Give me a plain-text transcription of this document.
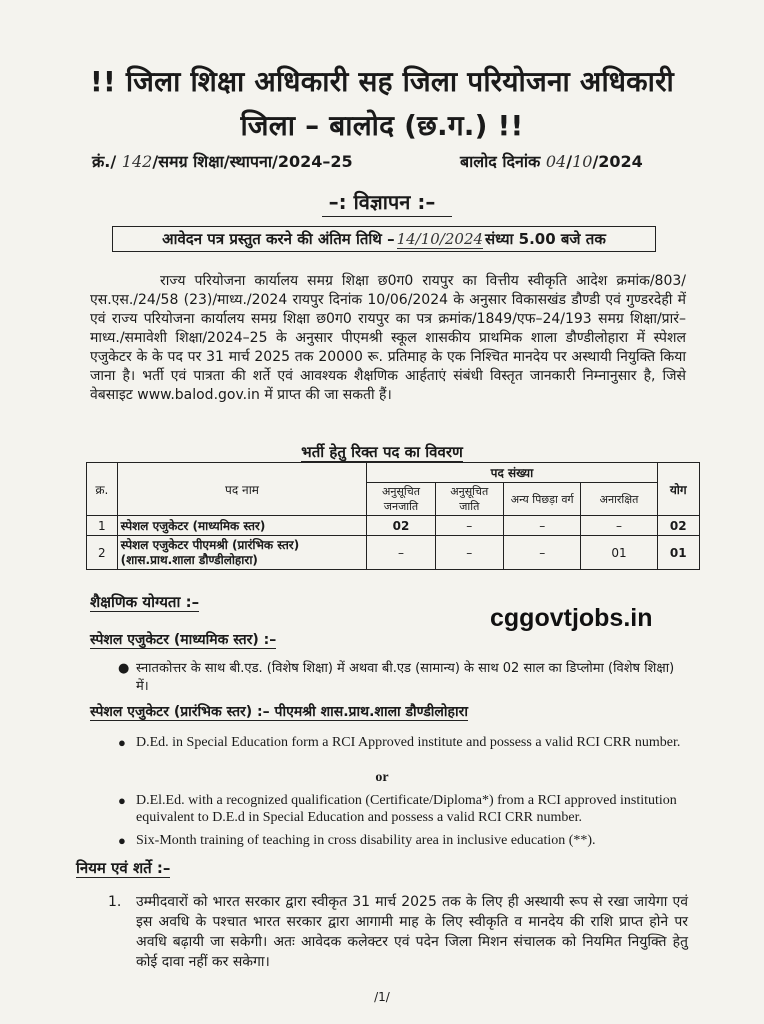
!! जिला शिक्षा अधिकारी सह जिला परियोजना अधिकारी
जिला – बालोद (छ.ग.) !!
क्रं./ 142/समग्र शिक्षा/स्थापना/2024–25	बालोद दिनांक 04/10/2024
–: विज्ञापन :–
आवेदन पत्र प्रस्तुत करने की अंतिम तिथि – 14/10/2024 संध्या 5.00 बजे तक

राज्य परियोजना कार्यालय समग्र शिक्षा छ0ग0 रायपुर का वित्तीय स्वीकृति आदेश क्रमांक/803/एस.एस./24/58 (23)/माध्य./2024 रायपुर दिनांक 10/06/2024 के अनुसार विकासखंड डौण्डी एवं गुण्डरदेही में एवं राज्य परियोजना कार्यालय समग्र शिक्षा छ0ग0 रायपुर का पत्र क्रमांक/1849/एफ–24/193 समग्र शिक्षा/प्रारं–माध्य./समावेशी शिक्षा/2024–25 के अनुसार पीएमश्री स्कूल शासकीय प्राथमिक शाला डौण्डीलोहारा में स्पेशल एजुकेटर के के पद पर 31 मार्च 2025 तक 20000 रू. प्रतिमाह के एक निश्चित मानदेय पर अस्थायी नियुक्ति किया जाना है। भर्ती एवं पात्रता की शर्ते एवं आवश्यक शैक्षणिक आर्हताएं संबंधी विस्तृत जानकारी निम्नानुसार है, जिसे वेबसाइट www.balod.gov.in में प्राप्त की जा सकती हैं।

भर्ती हेतु रिक्त पद का विवरण
क्र.	पद नाम	पद संख्या				योग
		अनुसूचित जनजाति	अनुसूचित जाति	अन्य पिछड़ा वर्ग	अनारक्षित	
1	स्पेशल एजुकेटर (माध्यमिक स्तर)	02	–	–	–	02
2	स्पेशल एजुकेटर पीएमश्री (प्रारंभिक स्तर) (शास.प्राथ.शाला डौण्डीलोहारा)	–	–	–	01	01
शैक्षणिक योग्यता :–
cggovtjobs.in
स्पेशल एजुकेटर (माध्यमिक स्तर) :–
● स्नातकोत्तर के साथ बी.एड. (विशेष शिक्षा) में अथवा बी.एड (सामान्य) के साथ 02 साल का डिप्लोमा (विशेष शिक्षा) में।
स्पेशल एजुकेटर (प्रारंभिक स्तर) :– पीएमश्री शास.प्राथ.शाला डौण्डीलोहारा
● D.Ed. in Special Education form a RCI Approved institute and possess a valid RCI CRR number.
or
● D.El.Ed. with a recognized qualification (Certificate/Diploma*) from a RCI approved institution equivalent to D.E.d in Special Education and possess a valid RCI CRR number.
● Six-Month training of teaching in cross disability area in inclusive education (**).
नियम एवं शर्ते :–
1. उम्मीदवारों को भारत सरकार द्वारा स्वीकृत 31 मार्च 2025 तक के लिए ही अस्थायी रूप से रखा जायेगा एवं इस अवधि के पश्चात भारत सरकार द्वारा आगामी माह के लिए स्वीकृति व मानदेय की राशि प्राप्त होने पर अवधि बढ़ायी जा सकेगी। अतः आवेदक कलेक्टर एवं पदेन जिला मिशन संचालक को नियमित नियुक्ति हेतु कोई दावा नहीं कर सकेगा।
/1/
